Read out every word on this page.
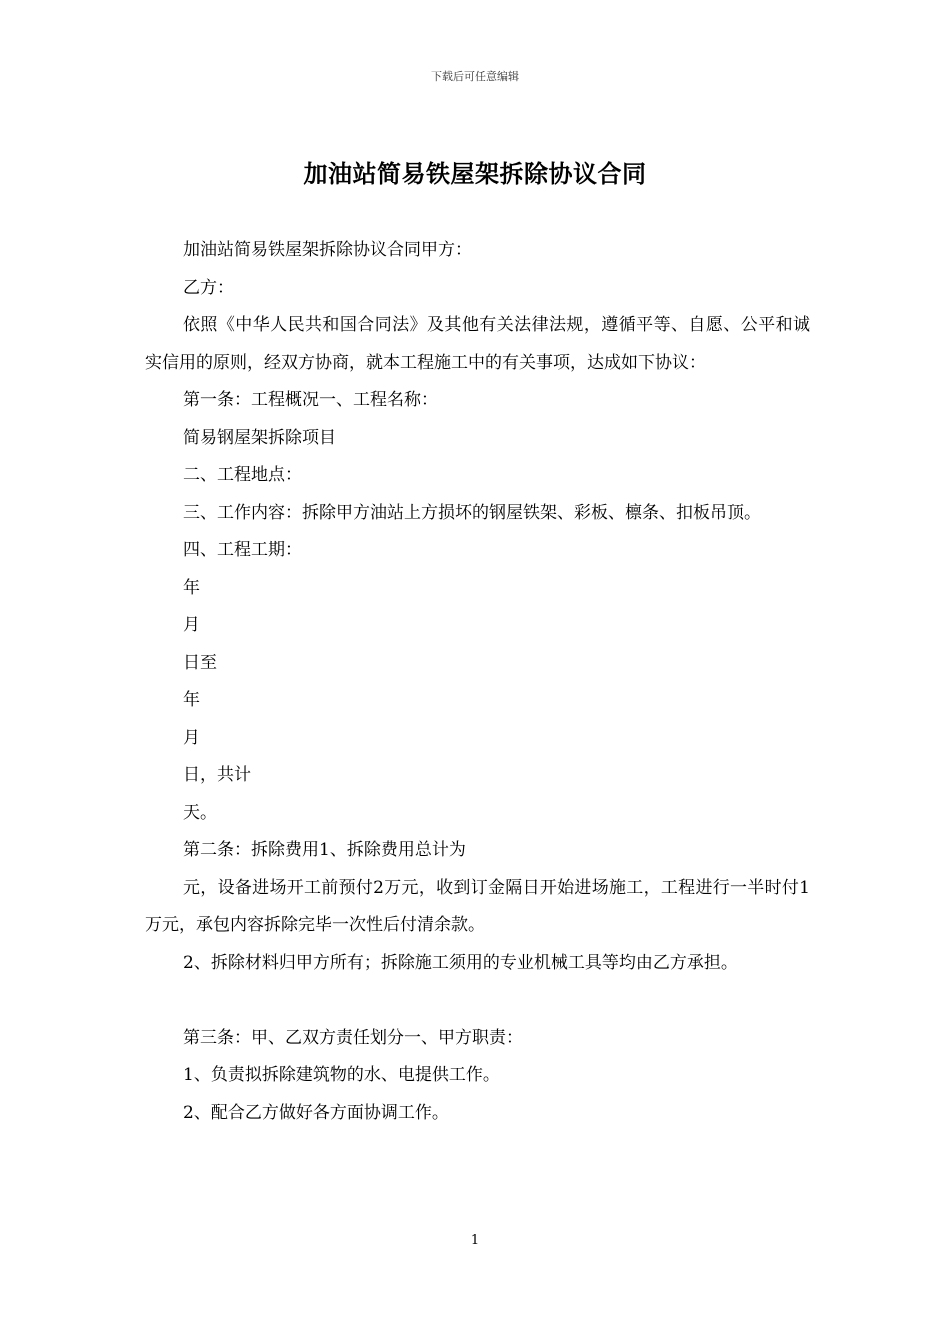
下载后可任意编辑
加油站简易铁屋架拆除协议合同

加油站简易铁屋架拆除协议合同甲方：

乙方：

依照《中华人民共和国合同法》及其他有关法律法规，遵循平等、自愿、公平和诚实信用的原则，经双方协商，就本工程施工中的有关事项，达成如下协议：

第一条：工程概况一、工程名称：

简易钢屋架拆除项目

二、工程地点：

三、工作内容：拆除甲方油站上方损坏的钢屋铁架、彩板、檩条、扣板吊顶。

四、工程工期：

年

月

日至

年

月

日，共计

天。

第二条：拆除费用1、拆除费用总计为

元，设备进场开工前预付2万元，收到订金隔日开始进场施工，工程进行一半时付1万元，承包内容拆除完毕一次性后付清余款。

2、拆除材料归甲方所有；拆除施工须用的专业机械工具等均由乙方承担。

第三条：甲、乙双方责任划分一、甲方职责：

1、负责拟拆除建筑物的水、电提供工作。

2、配合乙方做好各方面协调工作。

1
